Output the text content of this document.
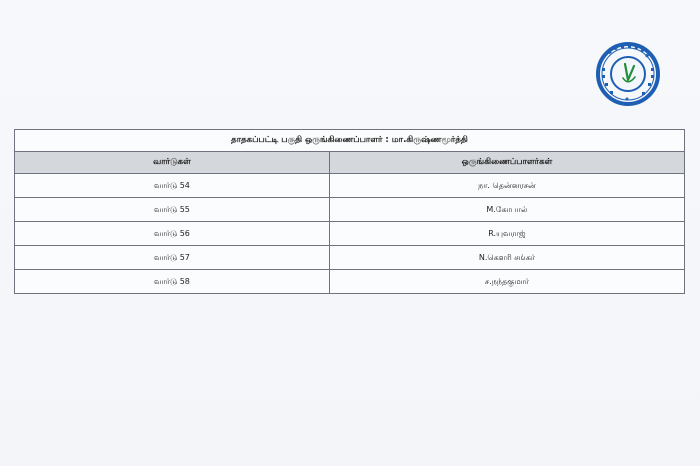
தாதகப்பட்டி பகுதி ஒருங்கிணைப்பாளர் : மா.கிருஷ்ணமூர்த்தி	
வார்டுகள்	ஒருங்கிணைப்பாளர்கள்
வார்டு 54	நா. தென்னரசன்
வார்டு 55	M.கோபால்
வார்டு 56	R.யுவராஜ்
வார்டு 57	N.கௌரி சங்கர்
வார்டு 58	ச.நந்தகுமார்
